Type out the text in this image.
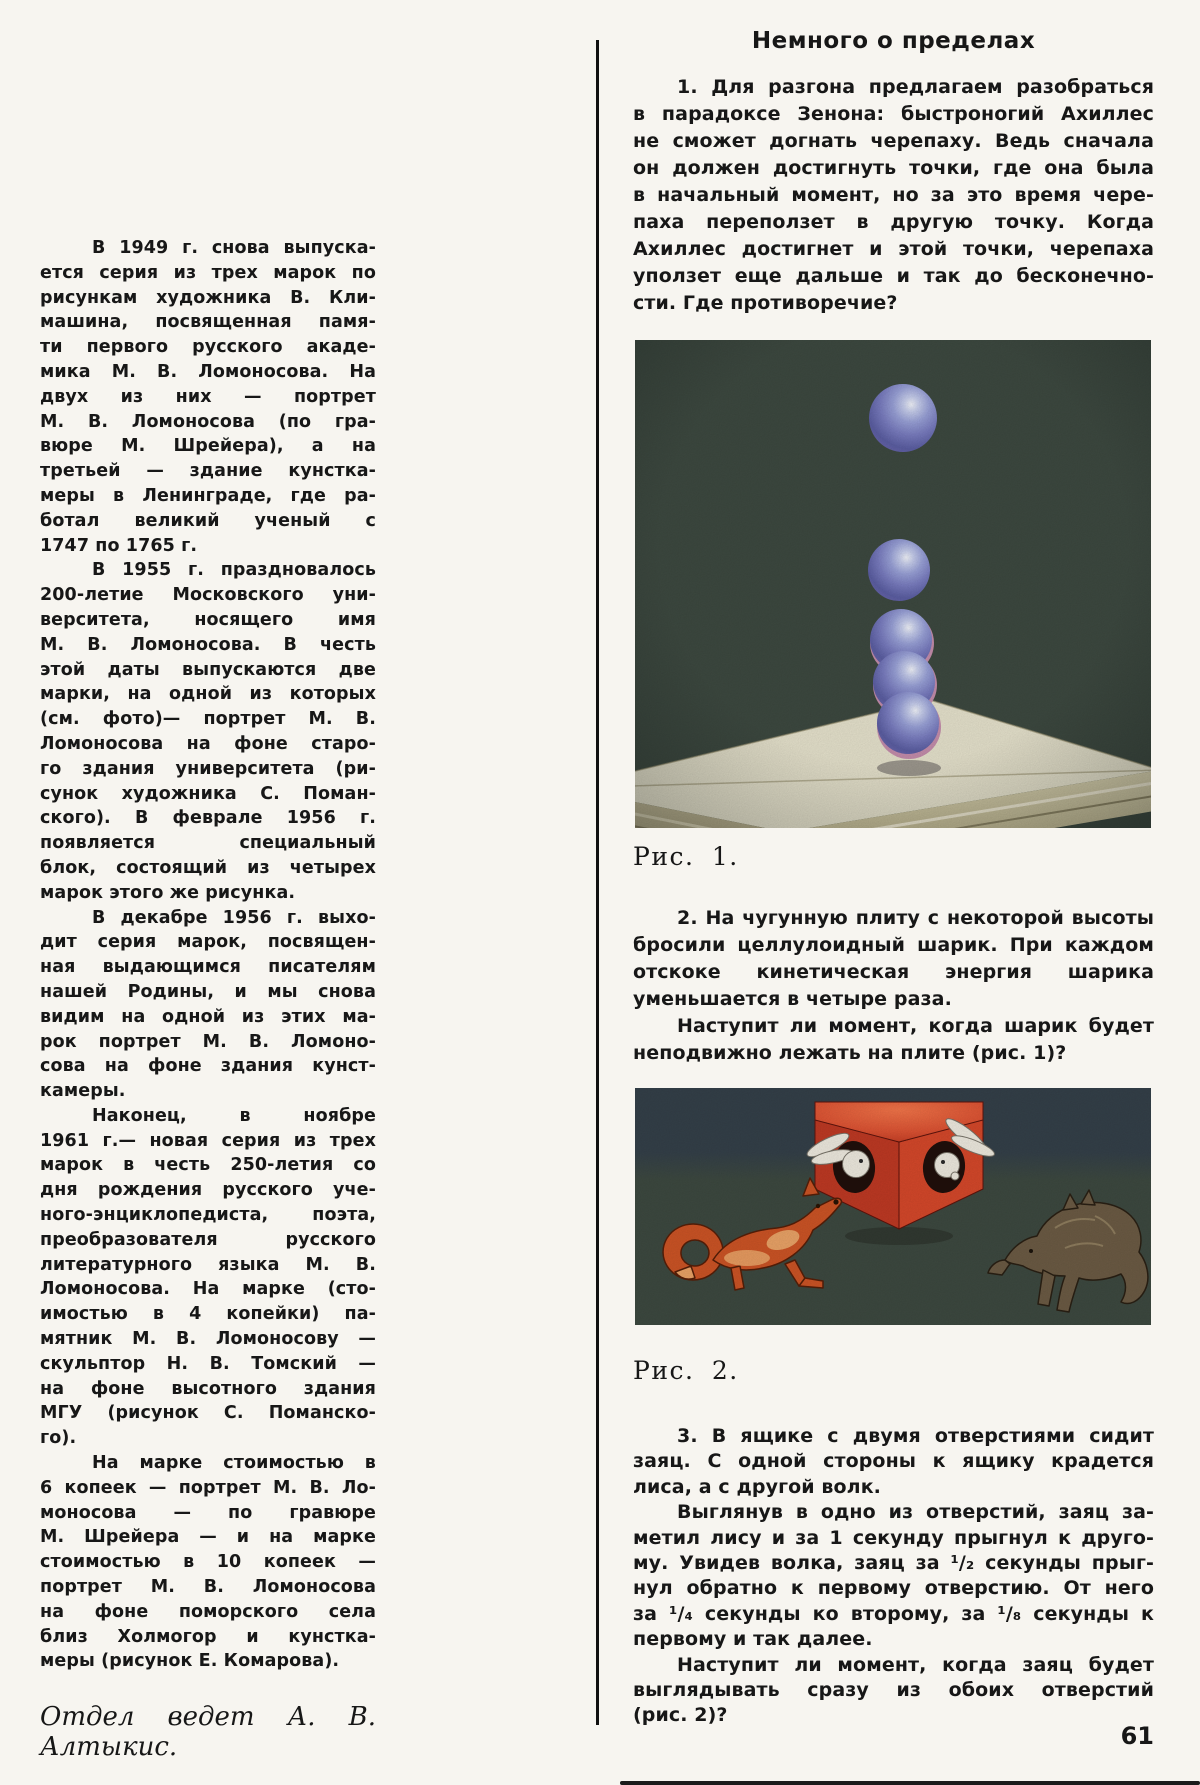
В 1949 г. снова выпуска-
ется серия из трех марок по
рисункам художника В. Кли-
машина, посвященная памя-
ти первого русского акаде-
мика М. В. Ломоносова. На
двух из них — портрет
М. В. Ломоносова (по гра-
вюре М. Шрейера), а на
третьей — здание кунстка-
меры в Ленинграде, где ра-
ботал великий ученый с
1747 по 1765 г.
В 1955 г. праздновалось
200-летие Московского уни-
верситета, носящего имя
М. В. Ломоносова. В честь
этой даты выпускаются две
марки, на одной из которых
(см. фото)— портрет М. В.
Ломоносова на фоне старо-
го здания университета (ри-
сунок художника С. Поман-
ского). В феврале 1956 г.
появляется специальный
блок, состоящий из четырех
марок этого же рисунка.
В декабре 1956 г. выхо-
дит серия марок, посвящен-
ная выдающимся писателям
нашей Родины, и мы снова
видим на одной из этих ма-
рок портрет М. В. Ломоно-
сова на фоне здания кунст-
камеры.
Наконец, в ноябре
1961 г.— новая серия из трех
марок в честь 250-летия со
дня рождения русского уче-
ного-энциклопедиста, поэта,
преобразователя русского
литературного языка М. В.
Ломоносова. На марке (сто-
имостью в 4 копейки) па-
мятник М. В. Ломоносову —
скульптор Н. В. Томский —
на фоне высотного здания
МГУ (рисунок С. Поманско-
го).
На марке стоимостью в
6 копеек — портрет М. В. Ло-
моносова — по гравюре
М. Шрейера — и на марке
стоимостью в 10 копеек —
портрет М. В. Ломоносова
на фоне поморского села
близ Холмогор и кунстка-
меры (рисунок Е. Комарова).
Отдел ведет А. В. Алтыкис.
Немного о пределах
1. Для разгона предлагаем разобраться
в парадоксе Зенона: быстроногий Ахиллес
не сможет догнать черепаху. Ведь сначала
он должен достигнуть точки, где она была
в начальный момент, но за это время чере-
паха переползет в другую точку. Когда
Ахиллес достигнет и этой точки, черепаха
уползет еще дальше и так до бесконечно-
сти. Где противоречие?
Рис. 1.
2. На чугунную плиту с некоторой высоты
бросили целлулоидный шарик. При каждом
отскоке кинетическая энергия шарика
уменьшается в четыре раза.
Наступит ли момент, когда шарик будет
неподвижно лежать на плите (рис. 1)?
Рис. 2.
3. В ящике с двумя отверстиями сидит
заяц. С одной стороны к ящику крадется
лиса, а с другой волк.
Выглянув в одно из отверстий, заяц за-
метил лису и за 1 секунду прыгнул к друго-
му. Увидев волка, заяц за ¹/₂ секунды прыг-
нул обратно к первому отверстию. От него
за ¹/₄ секунды ко второму, за ¹/₈ секунды к
первому и так далее.
Наступит ли момент, когда заяц будет
выглядывать сразу из обоих отверстий
(рис. 2)?
61
